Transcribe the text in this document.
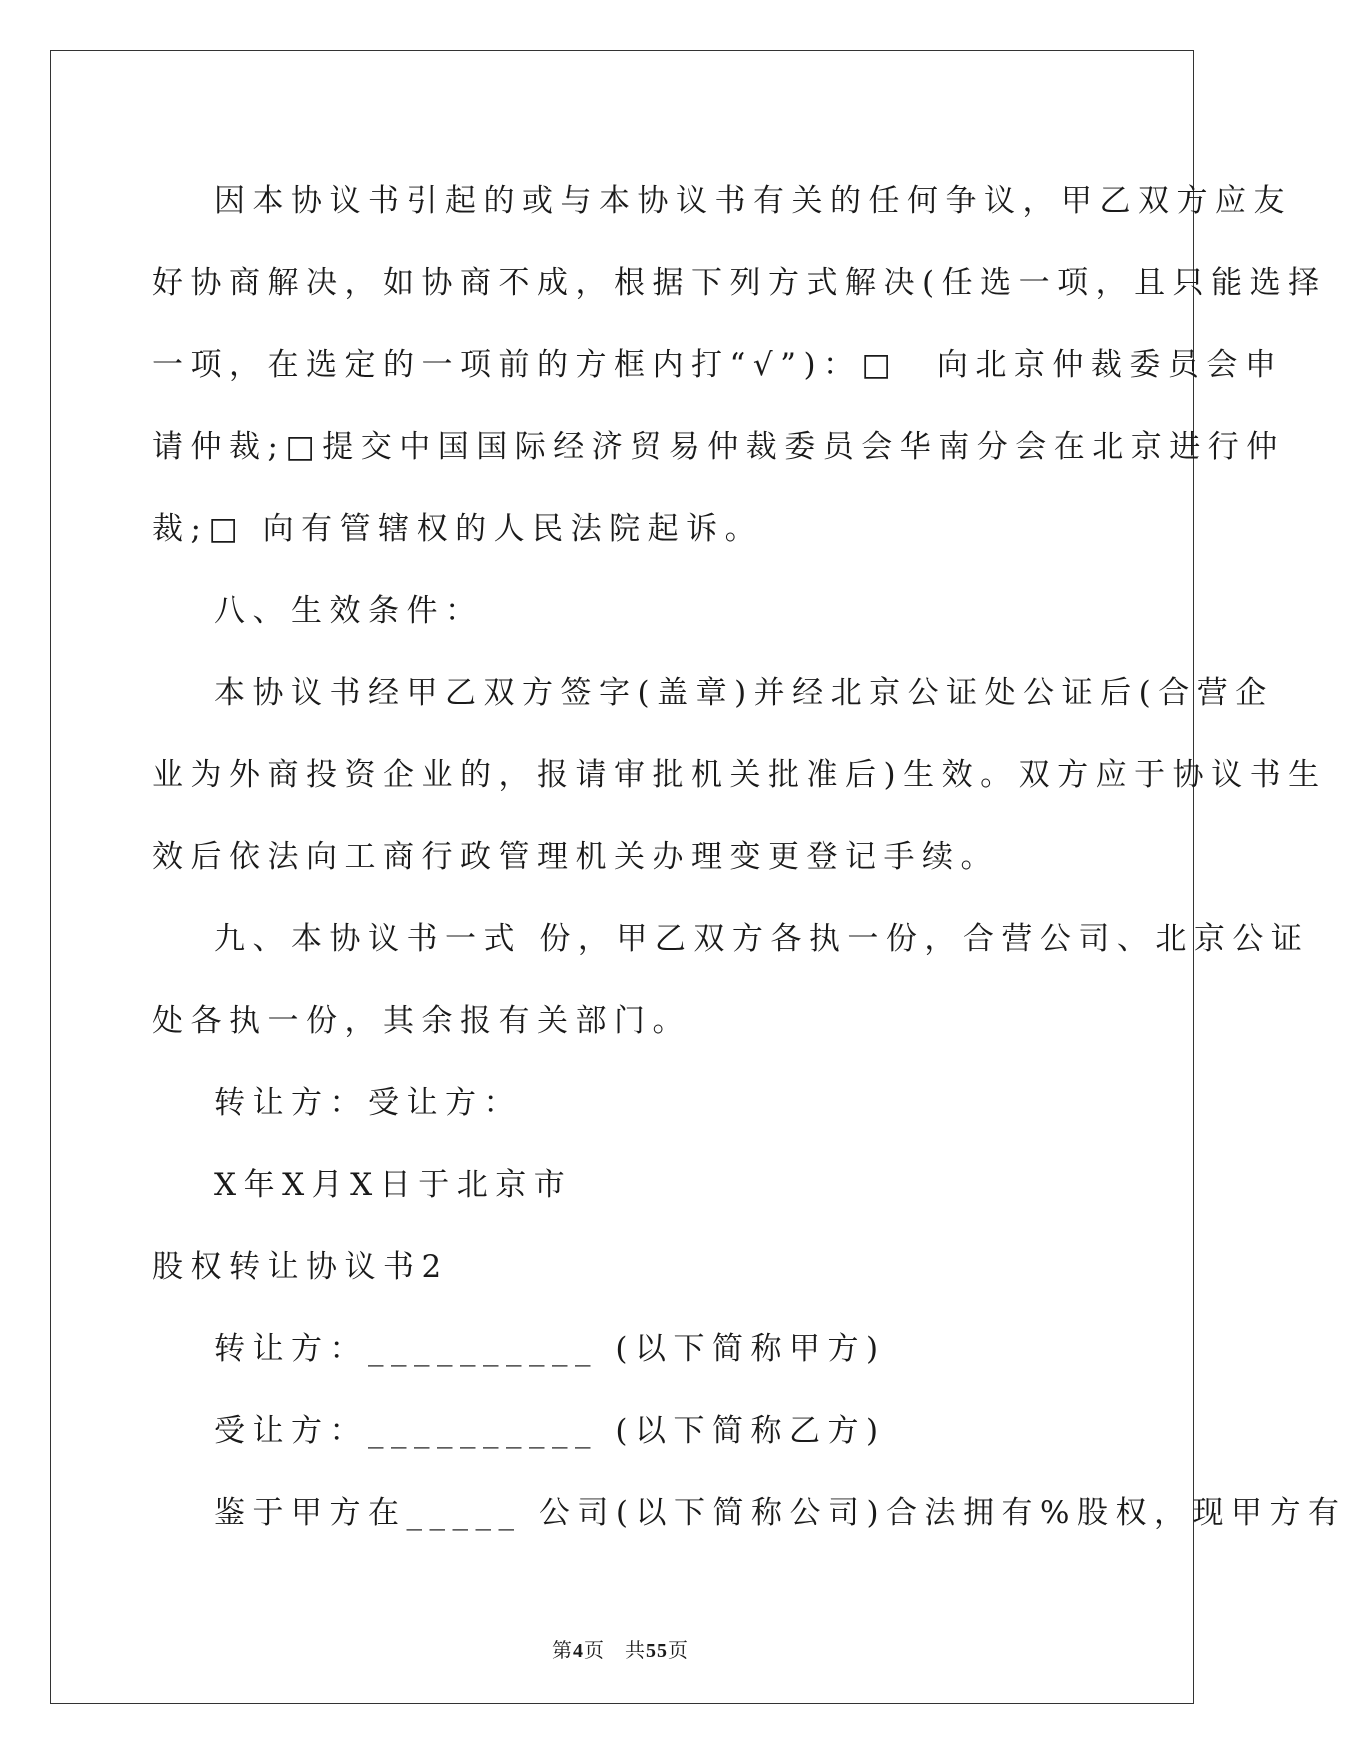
因本协议书引起的或与本协议书有关的任何争议，甲乙双方应友
好协商解决，如协商不成，根据下列方式解决(任选一项，且只能选择
一项，在选定的一项前的方框内打“√”)：□　向北京仲裁委员会申
请仲裁;□提交中国国际经济贸易仲裁委员会华南分会在北京进行仲
裁;□ 向有管辖权的人民法院起诉。
八、生效条件：
本协议书经甲乙双方签字(盖章)并经北京公证处公证后(合营企
业为外商投资企业的，报请审批机关批准后)生效。双方应于协议书生
效后依法向工商行政管理机关办理变更登记手续。
九、本协议书一式 份，甲乙双方各执一份，合营公司、北京公证
处各执一份，其余报有关部门。
转让方：受让方：
X年X月X日于北京市
股权转让协议书2
转让方：__________ (以下简称甲方)
受让方：__________ (以下简称乙方)
鉴于甲方在_____ 公司(以下简称公司)合法拥有%股权，现甲方有
第4页 共55页
